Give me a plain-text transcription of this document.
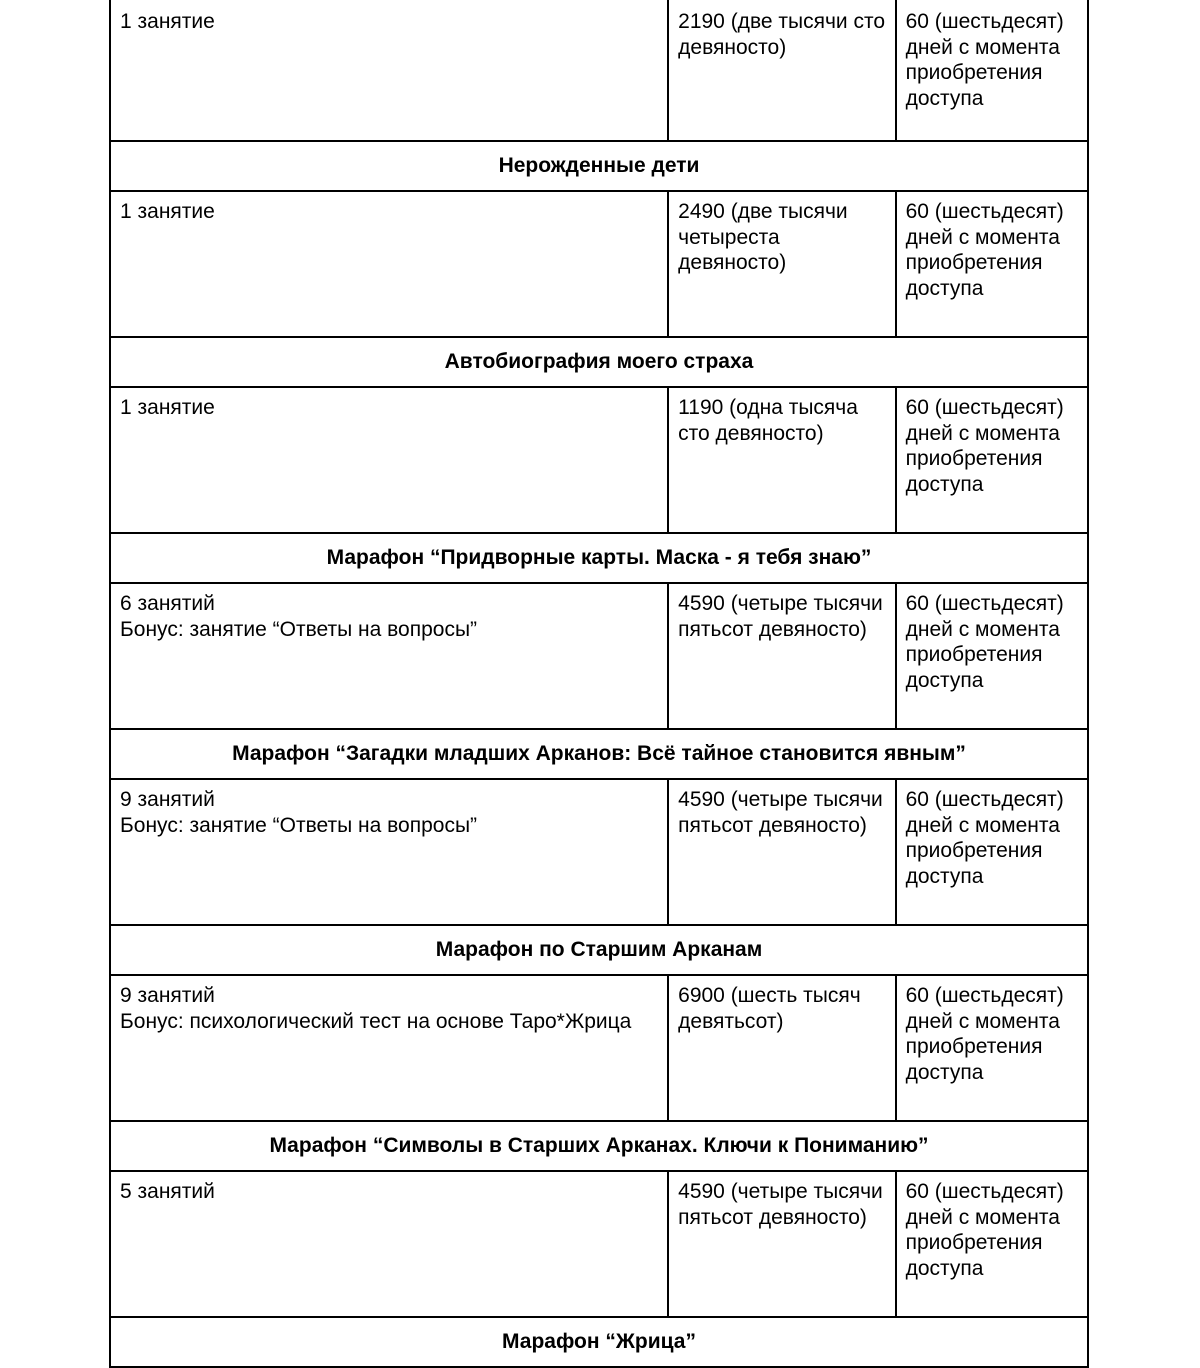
1 занятие	2190 (две тысячи сто девяносто)	60 (шестьдесят) дней с момента приобретения доступа
Нерожденные дети		

1 занятие	2490 (две тысячи четыреста девяносто)	60 (шестьдесят) дней с момента приобретения доступа
Автобиография моего страха		

1 занятие	1190 (одна тысяча сто девяносто)	60 (шестьдесят) дней с момента приобретения доступа
Марафон “Придворные карты. Маска - я тебя знаю”		

6 занятий
Бонус: занятие “Ответы на вопросы”	4590 (четыре тысячи пятьсот девяносто)	60 (шестьдесят) дней с момента приобретения доступа
Марафон “Загадки младших Арканов: Всё тайное становится явным”		

9 занятий
Бонус: занятие “Ответы на вопросы”	4590 (четыре тысячи пятьсот девяносто)	60 (шестьдесят) дней с момента приобретения доступа
Марафон по Старшим Арканам		

9 занятий
Бонус: психологический тест на основе Таро*Жрица	6900 (шесть тысяч девятьсот)	60 (шестьдесят) дней с момента приобретения доступа
Марафон “Символы в Старших Арканах. Ключи к Пониманию”		

5 занятий	4590 (четыре тысячи пятьсот девяносто)	60 (шестьдесят) дней с момента приобретения доступа
Марафон “Жрица”		
